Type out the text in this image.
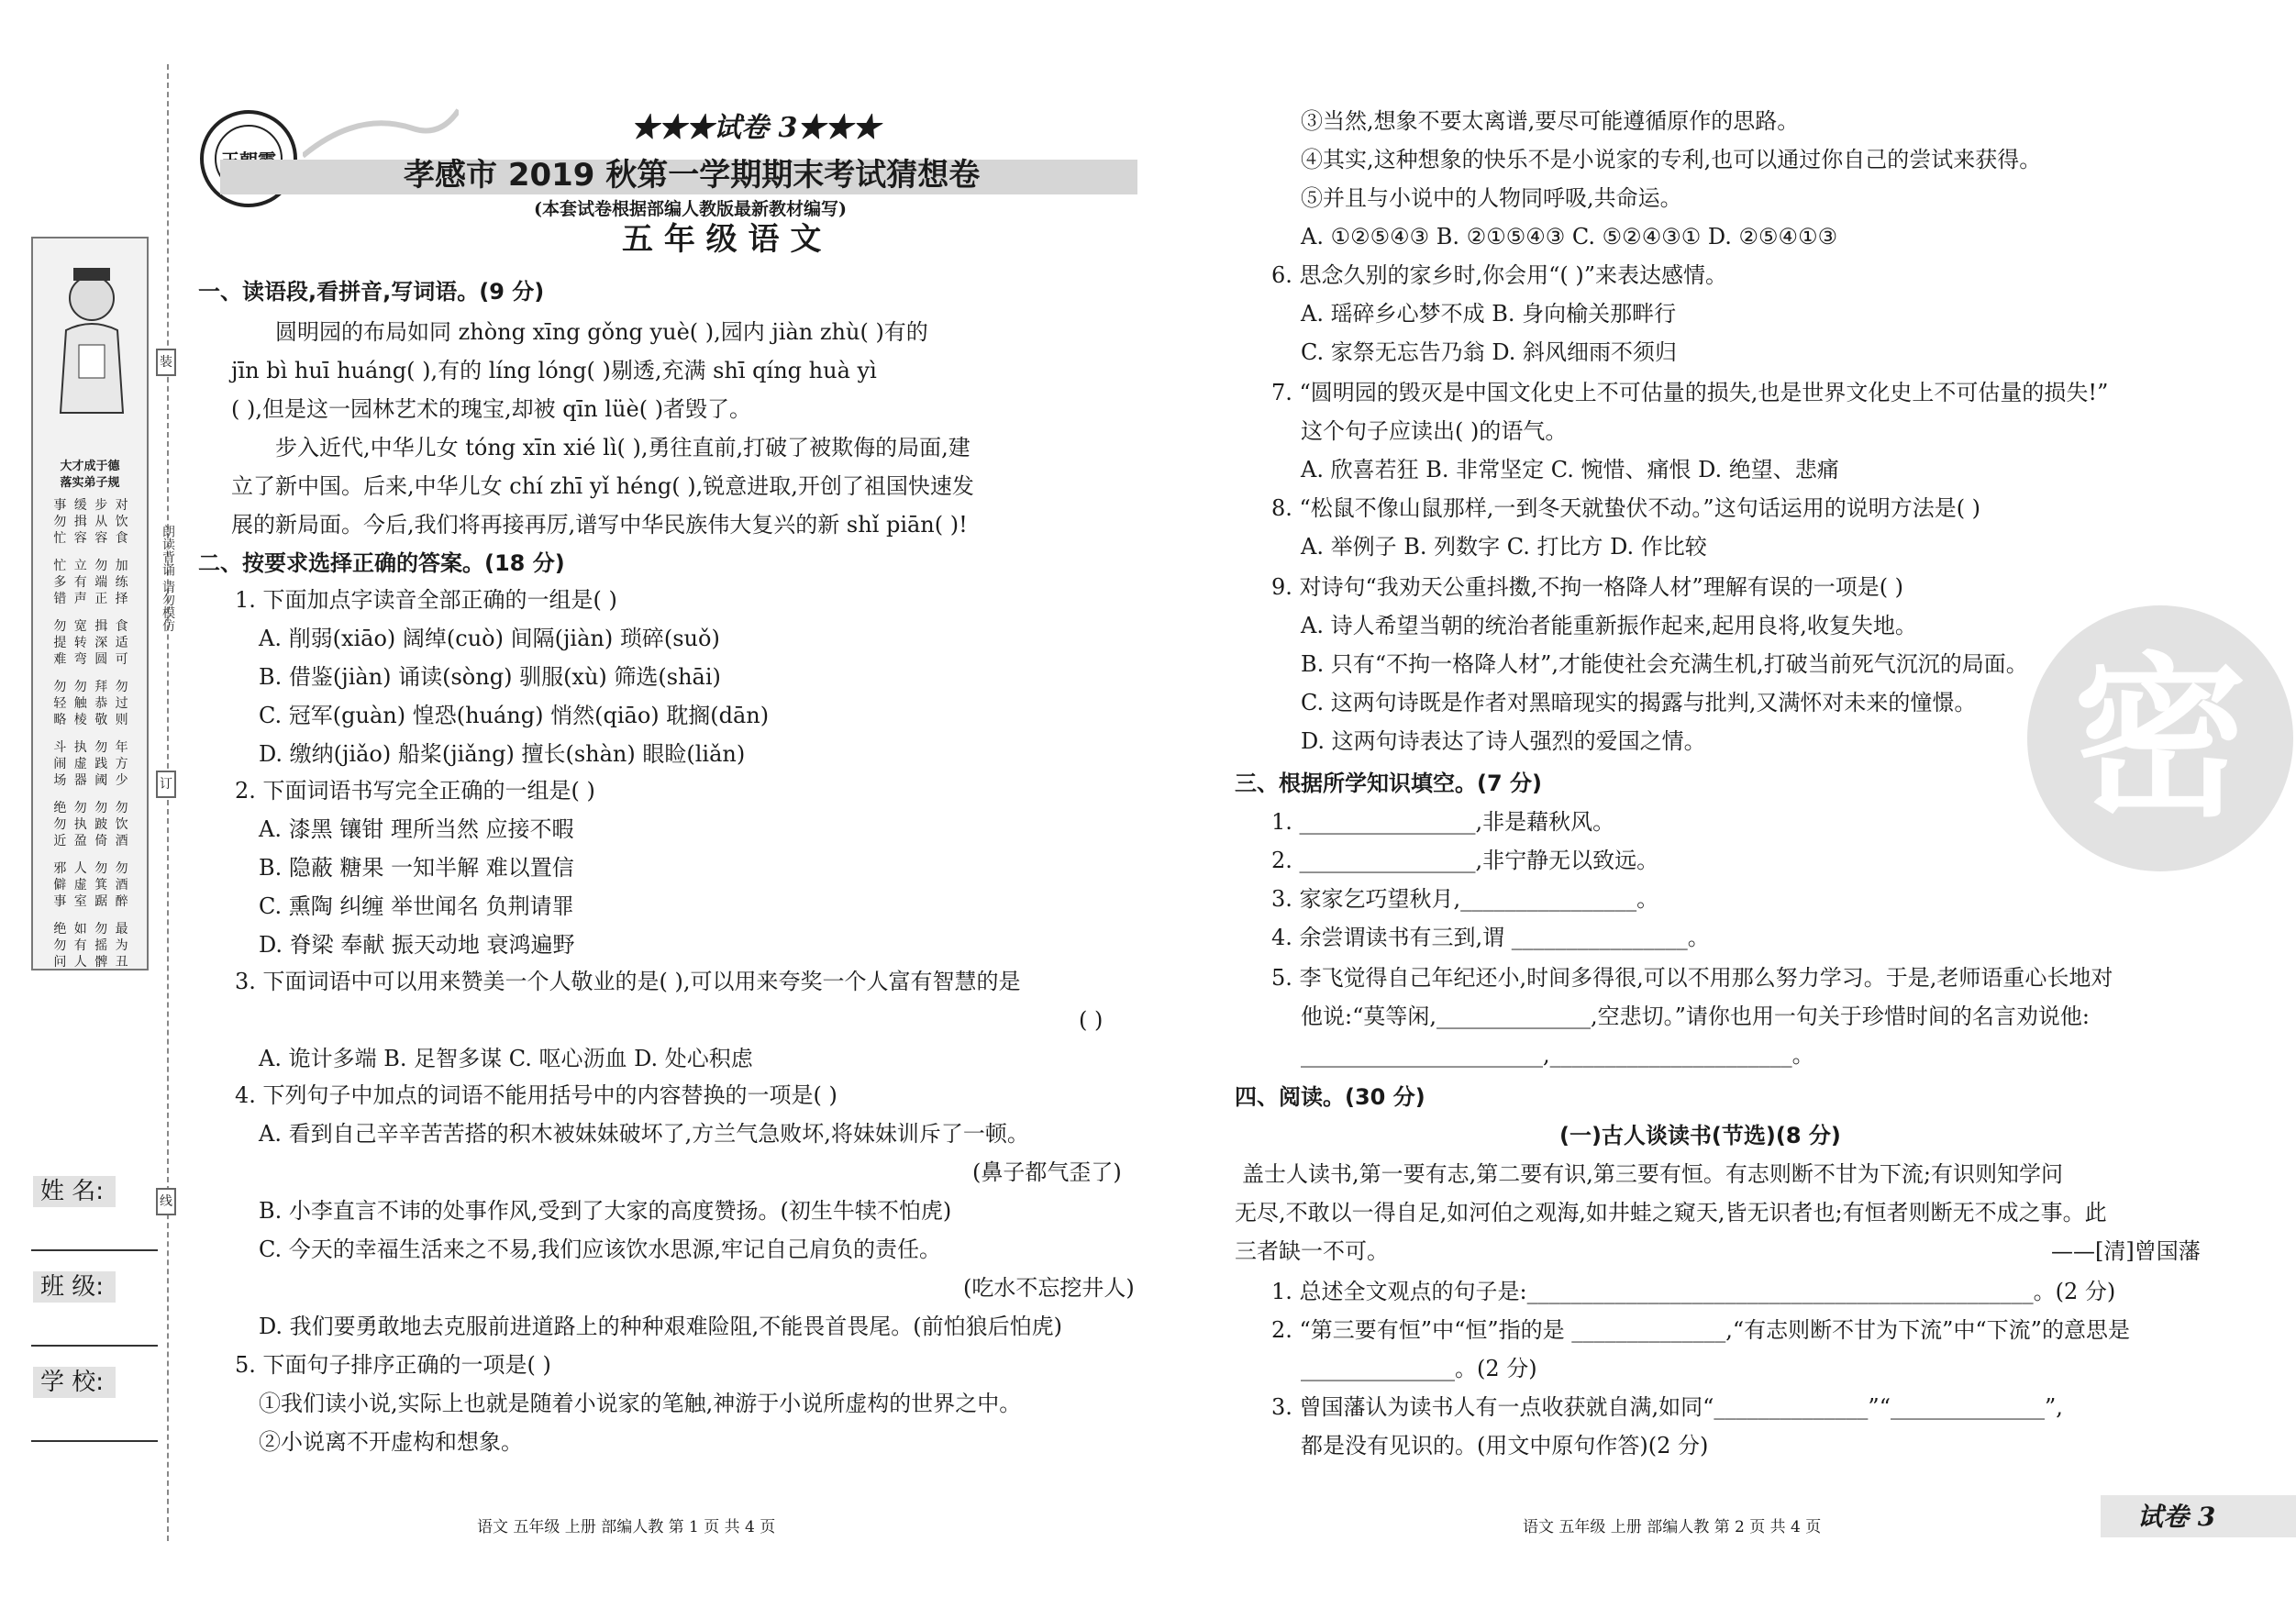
大才成于德
落实弟子规
事 缓 步 对
勿 揖 从 饮
忙 容 容 食
忙 立 勿 加
多 有 端 练
错 声 正 择
勿 宽 揖 食
提 转 深 适
难 弯 圆 可
勿 勿 拜 勿
轻 触 恭 过
略 棱 敬 则
斗 执 勿 年
闹 虚 践 方
场 器 阈 少
绝 勿 勿 勿
勿 执 跛 饮
近 盈 倚 酒
邪 人 勿 勿
僻 虚 箕 酒
事 室 踞 醉
绝 如 勿 最
勿 有 摇 为
问 人 髀 丑
姓 名:
班 级:
学 校:
装
订
线
朗读背诵 请勿模仿
★★★试卷 3★★★
孝感市 2019 秋第一学期期末考试猜想卷
(本套试卷根据部编人教版最新教材编写)
五 年 级 语 文
一、读语段,看拼音,写词语。(9 分)
圆明园的布局如同 zhòng xīng gǒng yuè( ),园内 jiàn zhù( )有的
jīn bì huī huáng( ),有的 líng lóng( )剔透,充满 shī qíng huà yì
( ),但是这一园林艺术的瑰宝,却被 qīn lüè( )者毁了。
步入近代,中华儿女 tóng xīn xié lì( ),勇往直前,打破了被欺侮的局面,建
立了新中国。后来,中华儿女 chí zhī yǐ héng( ),锐意进取,开创了祖国快速发
展的新局面。今后,我们将再接再厉,谱写中华民族伟大复兴的新 shǐ piān( )!
二、按要求选择正确的答案。(18 分)
1. 下面加点字读音全部正确的一组是( )
A. 削弱(xiāo) 阔绰(cuò) 间隔(jiàn) 琐碎(suǒ)
B. 借鉴(jiàn) 诵读(sòng) 驯服(xù) 筛选(shāi)
C. 冠军(guàn) 惶恐(huáng) 悄然(qiāo) 耽搁(dān)
D. 缴纳(jiǎo) 船桨(jiǎng) 擅长(shàn) 眼睑(liǎn)
2. 下面词语书写完全正确的一组是( )
A. 漆黑 镶钳 理所当然 应接不暇
B. 隐蔽 糖果 一知半解 难以置信
C. 熏陶 纠缠 举世闻名 负荆请罪
D. 脊梁 奉献 振天动地 衰鸿遍野
3. 下面词语中可以用来赞美一个人敬业的是( ),可以用来夸奖一个人富有智慧的是
( )
A. 诡计多端 B. 足智多谋 C. 呕心沥血 D. 处心积虑
4. 下列句子中加点的词语不能用括号中的内容替换的一项是( )
A. 看到自己辛辛苦苦搭的积木被妹妹破坏了,方兰气急败坏,将妹妹训斥了一顿。
(鼻子都气歪了)
B. 小李直言不讳的处事作风,受到了大家的高度赞扬。(初生牛犊不怕虎)
C. 今天的幸福生活来之不易,我们应该饮水思源,牢记自己肩负的责任。
(吃水不忘挖井人)
D. 我们要勇敢地去克服前进道路上的种种艰难险阻,不能畏首畏尾。(前怕狼后怕虎)
5. 下面句子排序正确的一项是( )
①我们读小说,实际上也就是随着小说家的笔触,神游于小说所虚构的世界之中。
②小说离不开虚构和想象。
语文 五年级 上册 部编人教 第 1 页 共 4 页
密
③当然,想象不要太离谱,要尽可能遵循原作的思路。
④其实,这种想象的快乐不是小说家的专利,也可以通过你自己的尝试来获得。
⑤并且与小说中的人物同呼吸,共命运。
A. ①②⑤④③ B. ②①⑤④③ C. ⑤②④③① D. ②⑤④①③
6. 思念久别的家乡时,你会用“( )”来表达感情。
A. 瑶碎乡心梦不成 B. 身向榆关那畔行
C. 家祭无忘告乃翁 D. 斜风细雨不须归
7. “圆明园的毁灭是中国文化史上不可估量的损失,也是世界文化史上不可估量的损失!”
这个句子应读出( )的语气。
A. 欣喜若狂 B. 非常坚定 C. 惋惜、痛恨 D. 绝望、悲痛
8. “松鼠不像山鼠那样,一到冬天就蛰伏不动。”这句话运用的说明方法是( )
A. 举例子 B. 列数字 C. 打比方 D. 作比较
9. 对诗句“我劝天公重抖擞,不拘一格降人材”理解有误的一项是( )
A. 诗人希望当朝的统治者能重新振作起来,起用良将,收复失地。
B. 只有“不拘一格降人材”,才能使社会充满生机,打破当前死气沉沉的局面。
C. 这两句诗既是作者对黑暗现实的揭露与批判,又满怀对未来的憧憬。
D. 这两句诗表达了诗人强烈的爱国之情。
三、根据所学知识填空。(7 分)
1. ________________,非是藉秋风。
2. ________________,非宁静无以致远。
3. 家家乞巧望秋月,________________。
4. 余尝谓读书有三到,谓 ________________。
5. 李飞觉得自己年纪还小,时间多得很,可以不用那么努力学习。于是,老师语重心长地对
他说:“莫等闲,______________,空悲切。”请你也用一句关于珍惜时间的名言劝说他:
______________________,______________________。
四、阅读。(30 分)
(一)古人谈读书(节选)(8 分)
盖士人读书,第一要有志,第二要有识,第三要有恒。有志则断不甘为下流;有识则知学问
无尽,不敢以一得自足,如河伯之观海,如井蛙之窥天,皆无识者也;有恒者则断无不成之事。此
三者缺一不可。	——[清]曾国藩
1. 总述全文观点的句子是:______________________________________________。(2 分)
2. “第三要有恒”中“恒”指的是 ______________,“有志则断不甘为下流”中“下流”的意思是
______________。(2 分)
3. 曾国藩认为读书人有一点收获就自满,如同“______________”“______________”,
都是没有见识的。(用文中原句作答)(2 分)
语文 五年级 上册 部编人教 第 2 页 共 4 页	试卷 3
